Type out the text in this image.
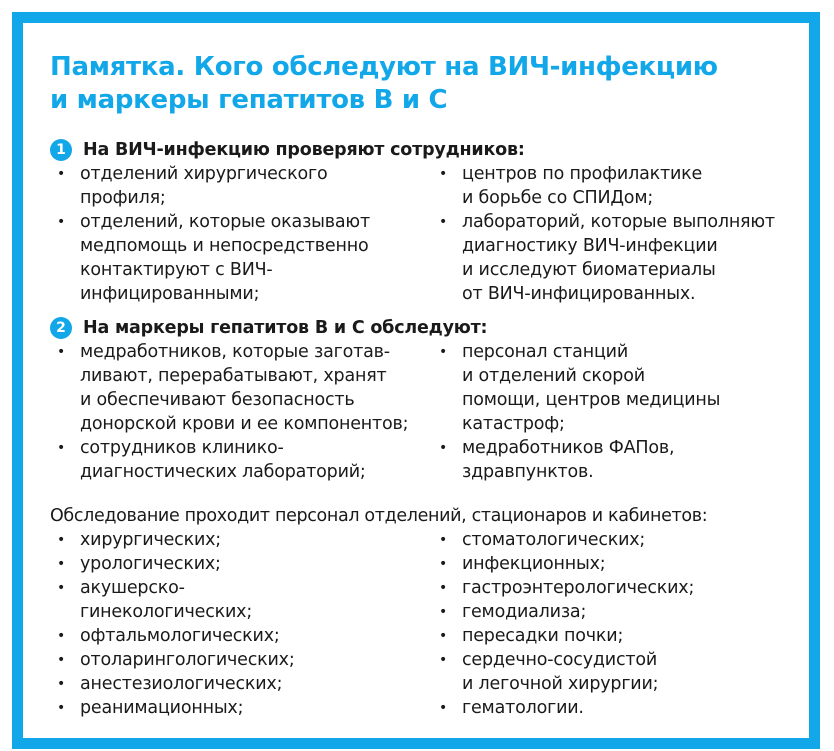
Памятка. Кого обследуют на ВИЧ-инфекцию
и маркеры гепатитов В и С
1 На ВИЧ-инфекцию проверяют сотрудников:
• отделений хирургического
профиля;
• отделений, которые оказывают
медпомощь и непосредственно
контактируют с ВИЧ-
инфицированными;
• центров по профилактике
и борьбе со СПИДом;
• лабораторий, которые выполняют
диагностику ВИЧ-инфекции
и исследуют биоматериалы
от ВИЧ-инфицированных.
2 На маркеры гепатитов В и С обследуют:
• медработников, которые заготав-
ливают, перерабатывают, хранят
и обеспечивают безопасность
донорской крови и ее компонентов;
• сотрудников клинико-
диагностических лабораторий;
• персонал станций
и отделений скорой
помощи, центров медицины
катастроф;
• медработников ФАПов,
здравпунктов.
Обследование проходит персонал отделений, стационаров и кабинетов:
• хирургических;
• урологических;
• акушерско-
гинекологических;
• офтальмологических;
• отоларингологических;
• анестезиологических;
• реанимационных;
• стоматологических;
• инфекционных;
• гастроэнтерологических;
• гемодиализа;
• пересадки почки;
• сердечно-сосудистой
и легочной хирургии;
• гематологии.
